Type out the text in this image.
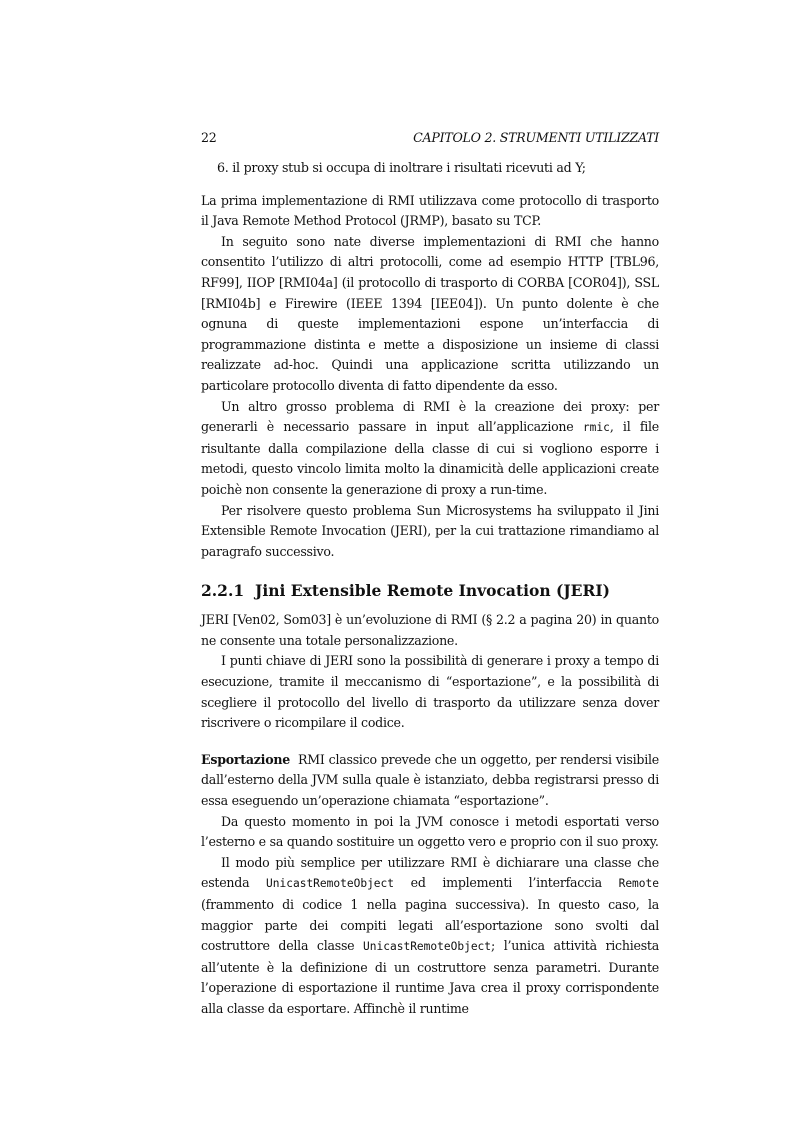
22	CAPITOLO 2. STRUMENTI UTILIZZATI
6. il proxy stub si occupa di inoltrare i risultati ricevuti ad Y;

La prima implementazione di RMI utilizzava come protocollo di trasporto il Java Remote Method Protocol (JRMP), basato su TCP.

In seguito sono nate diverse implementazioni di RMI che hanno consentito l’utilizzo di altri protocolli, come ad esempio HTTP [TBL96, RF99], IIOP [RMI04a] (il protocollo di trasporto di CORBA [COR04]), SSL [RMI04b] e Firewire (IEEE 1394 [IEE04]). Un punto dolente è che ognuna di queste implementazioni espone un’interfaccia di programmazione distinta e mette a disposizione un insieme di classi realizzate ad-hoc. Quindi una applicazione scritta utilizzando un particolare protocollo diventa di fatto dipendente da esso.

Un altro grosso problema di RMI è la creazione dei proxy: per generarli è necessario passare in input all’applicazione rmic, il file risultante dalla compilazione della classe di cui si vogliono esporre i metodi, questo vincolo limita molto la dinamicità delle applicazioni create poichè non consente la generazione di proxy a run-time.

Per risolvere questo problema Sun Microsystems ha sviluppato il Jini Extensible Remote Invocation (JERI), per la cui trattazione rimandiamo al paragrafo successivo.

2.2.1 Jini Extensible Remote Invocation (JERI)

JERI [Ven02, Som03] è un’evoluzione di RMI (§ 2.2 a pagina 20) in quanto ne consente una totale personalizzazione.

I punti chiave di JERI sono la possibilità di generare i proxy a tempo di esecuzione, tramite il meccanismo di “esportazione”, e la possibilità di scegliere il protocollo del livello di trasporto da utilizzare senza dover riscrivere o ricompilare il codice.

Esportazione RMI classico prevede che un oggetto, per rendersi visibile dall’esterno della JVM sulla quale è istanziato, debba registrarsi presso di essa eseguendo un’operazione chiamata “esportazione”.

Da questo momento in poi la JVM conosce i metodi esportati verso l’esterno e sa quando sostituire un oggetto vero e proprio con il suo proxy.

Il modo più semplice per utilizzare RMI è dichiarare una classe che estenda UnicastRemoteObject ed implementi l’interfaccia Remote (frammento di codice 1 nella pagina successiva). In questo caso, la maggior parte dei compiti legati all’esportazione sono svolti dal costruttore della classe UnicastRemoteObject; l’unica attività richiesta all’utente è la definizione di un costruttore senza parametri. Durante l’operazione di esportazione il runtime Java crea il proxy corrispondente alla classe da esportare. Affinchè il runtime
